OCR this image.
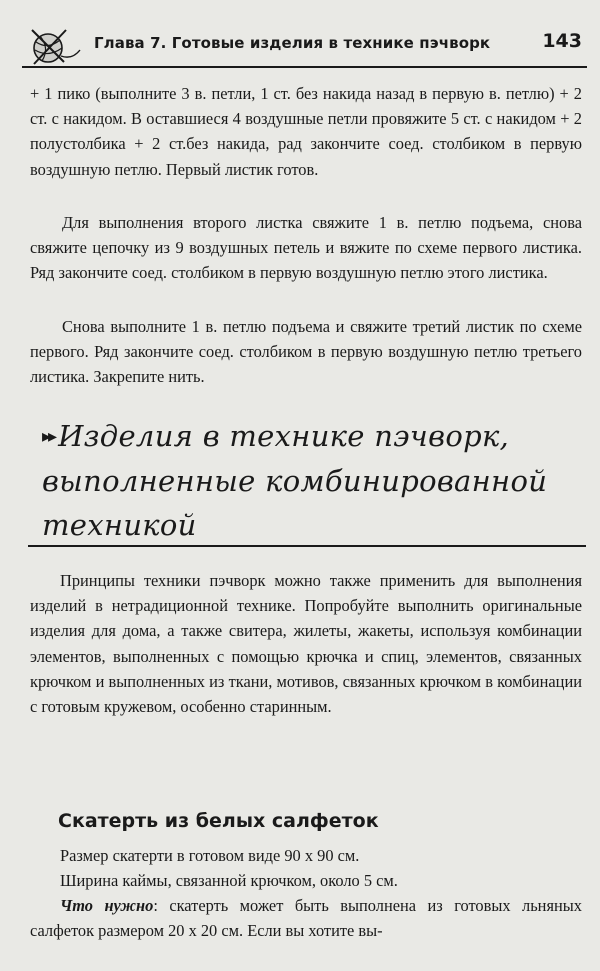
Глава 7. Готовые изделия в технике пэчворк	143

+ 1 пико (выполните 3 в. петли, 1 ст. без накида назад в первую в. петлю) + 2 ст. с накидом. В оставшиеся 4 воздушные петли провяжите 5 ст. с накидом + 2 полустолбика + 2 ст.без накида, рад закончите соед. столбиком в первую воздушную петлю. Первый листик готов.

Для выполнения второго листка свяжите 1 в. петлю подъема, снова свяжите цепочку из 9 воздушных петель и вяжите по схеме первого листика. Ряд закончите соед. столбиком в первую воздушную петлю этого листика.

Снова выполните 1 в. петлю подъема и свяжите третий листик по схеме первого. Ряд закончите соед. столбиком в первую воздушную петлю третьего листика. Закрепите нить.

▸▸ Изделия в технике пэчворк, выполненные комбинированной техникой

Принципы техники пэчворк можно также применить для выполнения изделий в нетрадиционной технике. Попробуйте выполнить оригинальные изделия для дома, а также свитера, жилеты, жакеты, используя комбинации элементов, выполненных с помощью крючка и спиц, элементов, связанных крючком и выполненных из ткани, мотивов, связанных крючком в комбинации с готовым кружевом, особенно старинным.

Скатерть из белых салфеток

Размер скатерти в готовом виде 90 х 90 см.

Ширина каймы, связанной крючком, около 5 см.

Что нужно: скатерть может быть выполнена из готовых льняных салфеток размером 20 х 20 см. Если вы хотите вы-
